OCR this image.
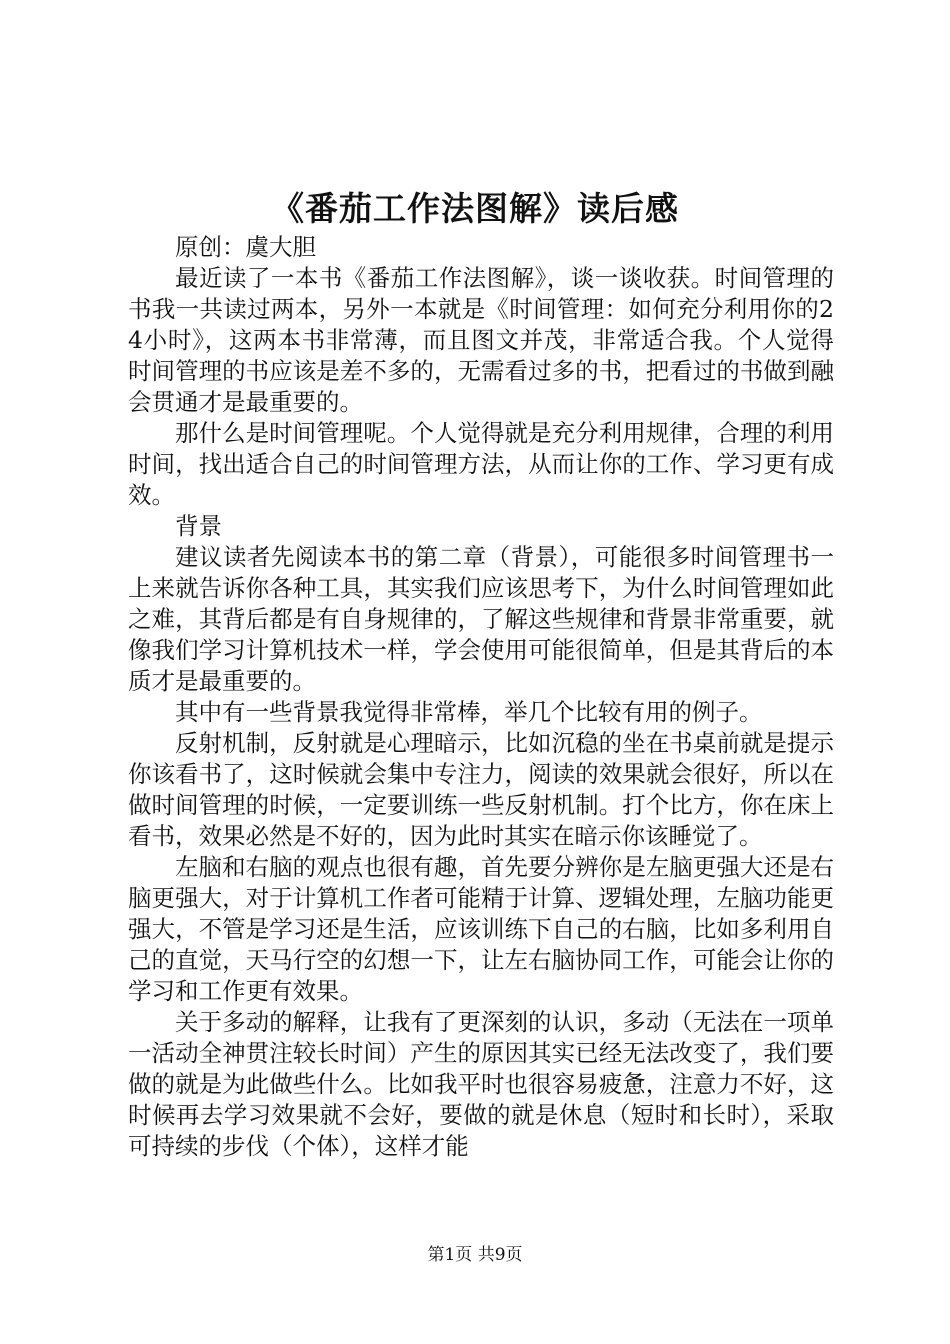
《番茄工作法图解》读后感

原创：虞大胆

最近读了一本书《番茄工作法图解》，谈一谈收获。时间管理的书我一共读过两本，另外一本就是《时间管理：如何充分利用你的24小时》，这两本书非常薄，而且图文并茂，非常适合我。个人觉得时间管理的书应该是差不多的，无需看过多的书，把看过的书做到融会贯通才是最重要的。

那什么是时间管理呢。个人觉得就是充分利用规律，合理的利用时间，找出适合自己的时间管理方法，从而让你的工作、学习更有成效。

背景

建议读者先阅读本书的第二章（背景），可能很多时间管理书一上来就告诉你各种工具，其实我们应该思考下，为什么时间管理如此之难，其背后都是有自身规律的，了解这些规律和背景非常重要，就像我们学习计算机技术一样，学会使用可能很简单，但是其背后的本质才是最重要的。

其中有一些背景我觉得非常棒，举几个比较有用的例子。

反射机制，反射就是心理暗示，比如沉稳的坐在书桌前就是提示你该看书了，这时候就会集中专注力，阅读的效果就会很好，所以在做时间管理的时候，一定要训练一些反射机制。打个比方，你在床上看书，效果必然是不好的，因为此时其实在暗示你该睡觉了。

左脑和右脑的观点也很有趣，首先要分辨你是左脑更强大还是右脑更强大，对于计算机工作者可能精于计算、逻辑处理，左脑功能更强大，不管是学习还是生活，应该训练下自己的右脑，比如多利用自己的直觉，天马行空的幻想一下，让左右脑协同工作，可能会让你的学习和工作更有效果。

关于多动的解释，让我有了更深刻的认识，多动（无法在一项单一活动全神贯注较长时间）产生的原因其实已经无法改变了，我们要做的就是为此做些什么。比如我平时也很容易疲惫，注意力不好，这时候再去学习效果就不会好，要做的就是休息（短时和长时），采取可持续的步伐（个体），这样才能

第1页 共9页
